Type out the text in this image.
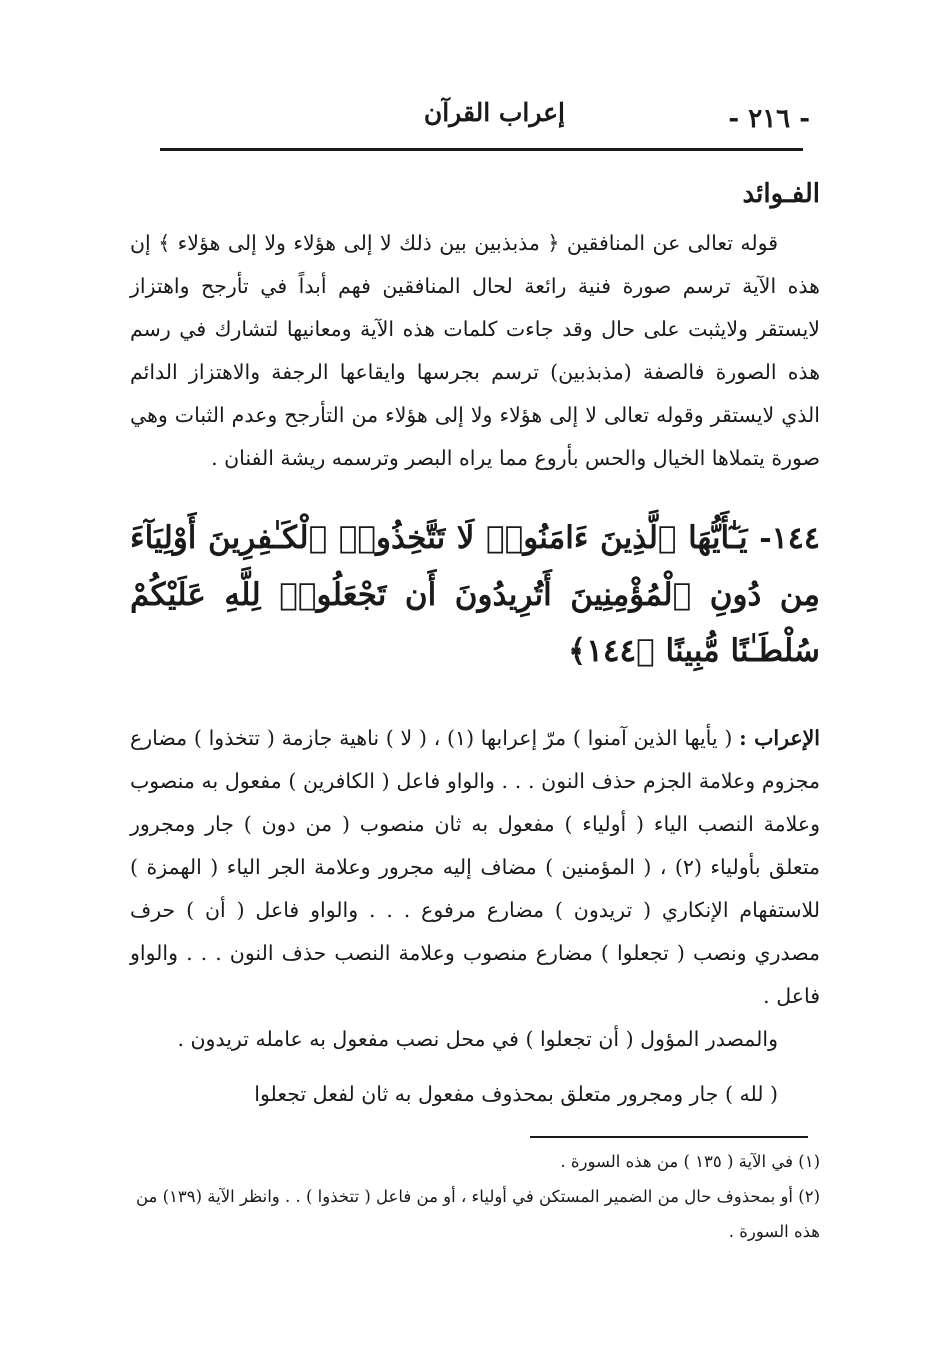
- ٢١٦ -
إعراب القرآن
الفـوائد

قوله تعالى عن المنافقين ﴿ مذبذبين بين ذلك لا إلى هؤلاء ولا إلى هؤلاء ﴾ إن هذه الآية ترسم صورة فنية رائعة لحال المنافقين فهم أبداً في تأرجح واهتزاز لايستقر ولايثبت على حال وقد جاءت كلمات هذه الآية ومعانيها لتشارك في رسم هذه الصورة فالصفة (مذبذبين) ترسم بجرسها وايقاعها الرجفة والاهتزاز الدائم الذي لايستقر وقوله تعالى لا إلى هؤلاء ولا إلى هؤلاء من التأرجح وعدم الثبات وهي صورة يتملاها الخيال والحس بأروع مما يراه البصر وترسمه ريشة الفنان .

١٤٤- يَـٰٓأَيُّهَا ٱلَّذِينَ ءَامَنُوا۟ لَا تَتَّخِذُوا۟ ٱلْكَـٰفِرِينَ أَوْلِيَآءَ مِن دُونِ ٱلْمُؤْمِنِينَ أَتُرِيدُونَ أَن تَجْعَلُوا۟ لِلَّهِ عَلَيْكُمْ سُلْطَـٰنًا مُّبِينًا ﴿١٤٤﴾

الإعراب : ( يأيها الذين آمنوا ) مرّ إعرابها (١) ، ( لا ) ناهية جازمة ( تتخذوا ) مضارع مجزوم وعلامة الجزم حذف النون . . . والواو فاعل ( الكافرين ) مفعول به منصوب وعلامة النصب الياء ( أولياء ) مفعول به ثان منصوب ( من دون ) جار ومجرور متعلق بأولياء (٢) ، ( المؤمنين ) مضاف إليه مجرور وعلامة الجر الياء ( الهمزة ) للاستفهام الإنكاري ( تريدون ) مضارع مرفوع . . . والواو فاعل ( أن ) حرف مصدري ونصب ( تجعلوا ) مضارع منصوب وعلامة النصب حذف النون . . . والواو فاعل .

والمصدر المؤول ( أن تجعلوا ) في محل نصب مفعول به عامله تريدون .

( لله ) جار ومجرور متعلق بمحذوف مفعول به ثان لفعل تجعلوا

(١) في الآية ( ١٣٥ ) من هذه السورة .

(٢) أو بمحذوف حال من الضمير المستكن في أولياء ، أو من فاعل ( تتخذوا ) . . وانظر الآية (١٣٩) من هذه السورة .
